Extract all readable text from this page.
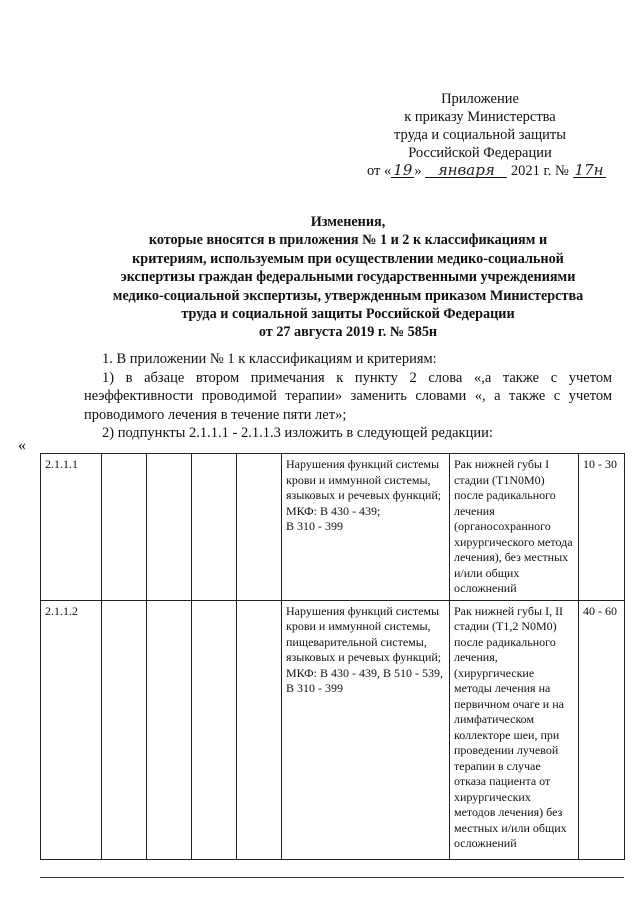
Приложение
к приказу Министерства
труда и социальной защиты
Российской Федерации
от « 19 » января 2021 г. № 17н
Изменения,
которые вносятся в приложения № 1 и 2 к классификациям и
критериям, используемым при осуществлении медико-социальной
экспертизы граждан федеральными государственными учреждениями
медико-социальной экспертизы, утвержденным приказом Министерства
труда и социальной защиты Российской Федерации
от 27 августа 2019 г. № 585н
1. В приложении № 1 к классификациям и критериям:
1) в абзаце втором примечания к пункту 2 слова «,а также с учетом
неэффективности проводимой терапии» заменить словами «, а также с учетом
проводимого лечения в течение пяти лет»;
2) подпункты 2.1.1.1 - 2.1.1.3 изложить в следующей редакции:
«
2.1.1.1					Нарушения функций системы крови и иммунной системы, языковых и речевых функций;
МКФ: B 430 - 439;
B 310 - 399	Рак нижней губы I стадии (T1N0M0) после радикального лечения (органосохранного хирургического метода лечения), без местных и/или общих осложнений	10 - 30
2.1.1.2					Нарушения функций системы крови и иммунной системы, пищеварительной системы, языковых и речевых функций;
МКФ: B 430 - 439, B 510 - 539, B 310 - 399	Рак нижней губы I, II стадии (T1,2 N0M0) после радикального лечения,
(хирургические методы лечения на первичном очаге и на лимфатическом коллекторе шеи, при проведении лучевой терапии в случае отказа пациента от хирургических методов лечения) без местных и/или общих осложнений	40 - 60
